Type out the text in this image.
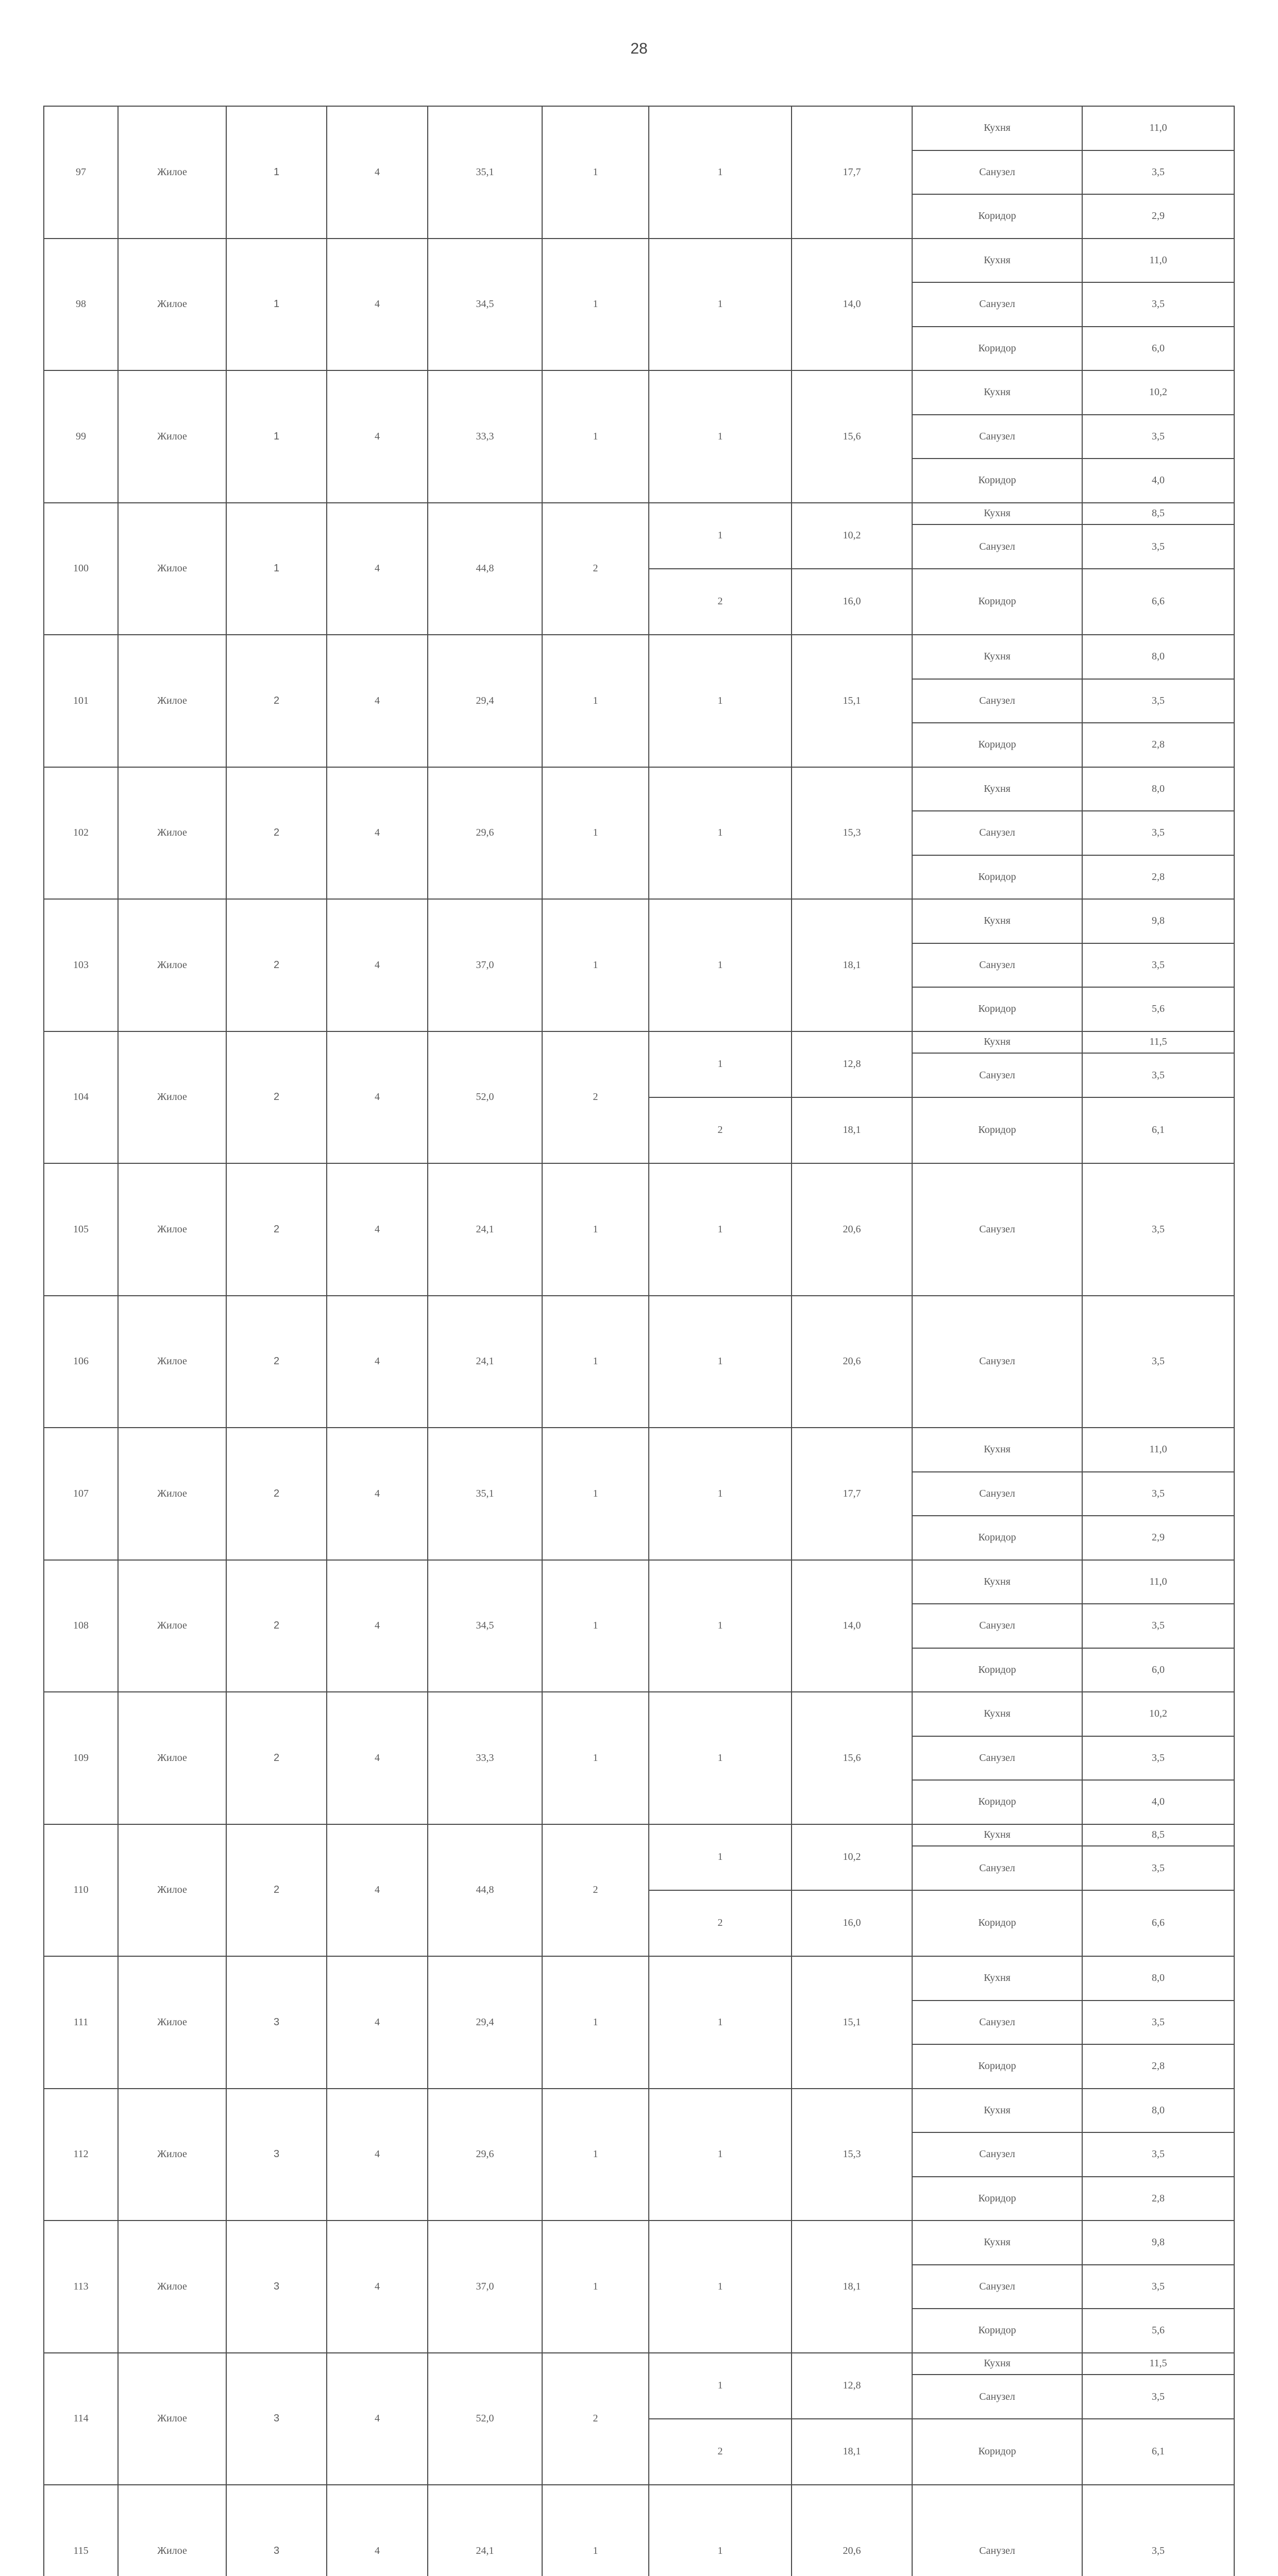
28
97	Жилое	1	4	35,1	1	1	17,7	Кухня	11,0

								Санузел	3,5

								Коридор	2,9

98	Жилое	1	4	34,5	1	1	14,0	Кухня	11,0

								Санузел	3,5

								Коридор	6,0

99	Жилое	1	4	33,3	1	1	15,6	Кухня	10,2

								Санузел	3,5

								Коридор	4,0

100	Жилое	1	4	44,8	2	1	10,2	Кухня	8,5
								Санузел	3,5

						2	16,0	Коридор	6,6

101	Жилое	2	4	29,4	1	1	15,1	Кухня	8,0

								Санузел	3,5

								Коридор	2,8

102	Жилое	2	4	29,6	1	1	15,3	Кухня	8,0

								Санузел	3,5

								Коридор	2,8

103	Жилое	2	4	37,0	1	1	18,1	Кухня	9,8

								Санузел	3,5

								Коридор	5,6

104	Жилое	2	4	52,0	2	1	12,8	Кухня	11,5
								Санузел	3,5

						2	18,1	Коридор	6,1

105	Жилое	2	4	24,1	1	1	20,6	Санузел	3,5

106	Жилое	2	4	24,1	1	1	20,6	Санузел	3,5

107	Жилое	2	4	35,1	1	1	17,7	Кухня	11,0

								Санузел	3,5

								Коридор	2,9

108	Жилое	2	4	34,5	1	1	14,0	Кухня	11,0

								Санузел	3,5

								Коридор	6,0

109	Жилое	2	4	33,3	1	1	15,6	Кухня	10,2

								Санузел	3,5

								Коридор	4,0

110	Жилое	2	4	44,8	2	1	10,2	Кухня	8,5
								Санузел	3,5

						2	16,0	Коридор	6,6

111	Жилое	3	4	29,4	1	1	15,1	Кухня	8,0

								Санузел	3,5

								Коридор	2,8

112	Жилое	3	4	29,6	1	1	15,3	Кухня	8,0

								Санузел	3,5

								Коридор	2,8

113	Жилое	3	4	37,0	1	1	18,1	Кухня	9,8

								Санузел	3,5

								Коридор	5,6

114	Жилое	3	4	52,0	2	1	12,8	Кухня	11,5
								Санузел	3,5

						2	18,1	Коридор	6,1

115	Жилое	3	4	24,1	1	1	20,6	Санузел	3,5
